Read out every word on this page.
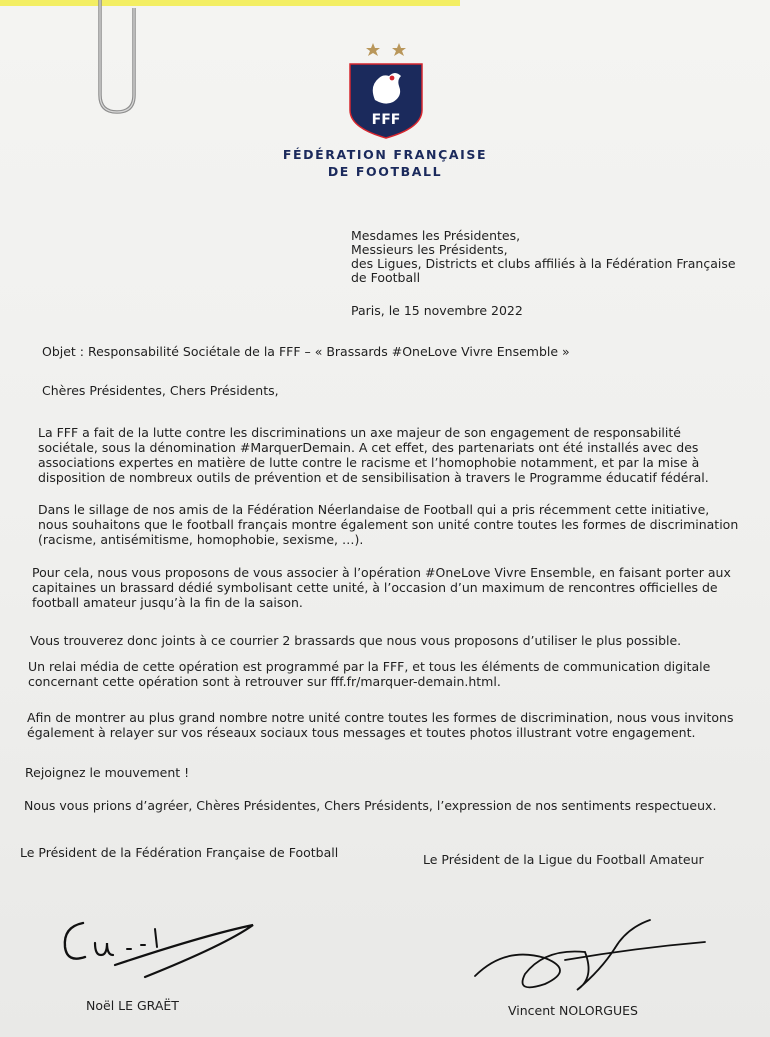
FFF
FÉDÉRATION FRANÇAISE
DE FOOTBALL
Mesdames les Présidentes,
Messieurs les Présidents,
des Ligues, Districts et clubs affiliés à la Fédération Française
de Football
Paris, le 15 novembre 2022
Objet : Responsabilité Sociétale de la FFF – « Brassards #OneLove Vivre Ensemble »
Chères Présidentes, Chers Présidents,
La FFF a fait de la lutte contre les discriminations un axe majeur de son engagement de responsabilité sociétale, sous la dénomination #MarquerDemain. A cet effet, des partenariats ont été installés avec des associations expertes en matière de lutte contre le racisme et l’homophobie notamment, et par la mise à disposition de nombreux outils de prévention et de sensibilisation à travers le Programme éducatif fédéral.
Dans le sillage de nos amis de la Fédération Néerlandaise de Football qui a pris récemment cette initiative, nous souhaitons que le football français montre également son unité contre toutes les formes de discrimination (racisme, antisémitisme, homophobie, sexisme, …).
Pour cela, nous vous proposons de vous associer à l’opération #OneLove Vivre Ensemble, en faisant porter aux capitaines un brassard dédié symbolisant cette unité, à l’occasion d’un maximum de rencontres officielles de football amateur jusqu’à la fin de la saison.
Vous trouverez donc joints à ce courrier 2 brassards que nous vous proposons d’utiliser le plus possible.
Un relai média de cette opération est programmé par la FFF, et tous les éléments de communication digitale concernant cette opération sont à retrouver sur fff.fr/marquer-demain.html.
Afin de montrer au plus grand nombre notre unité contre toutes les formes de discrimination, nous vous invitons également à relayer sur vos réseaux sociaux tous messages et toutes photos illustrant votre engagement.
Rejoignez le mouvement !
Nous vous prions d’agréer, Chères Présidentes, Chers Présidents, l’expression de nos sentiments respectueux.
Le Président de la Fédération Française de Football	Le Président de la Ligue du Football Amateur
Noël LE GRAËT	Vincent NOLORGUES
